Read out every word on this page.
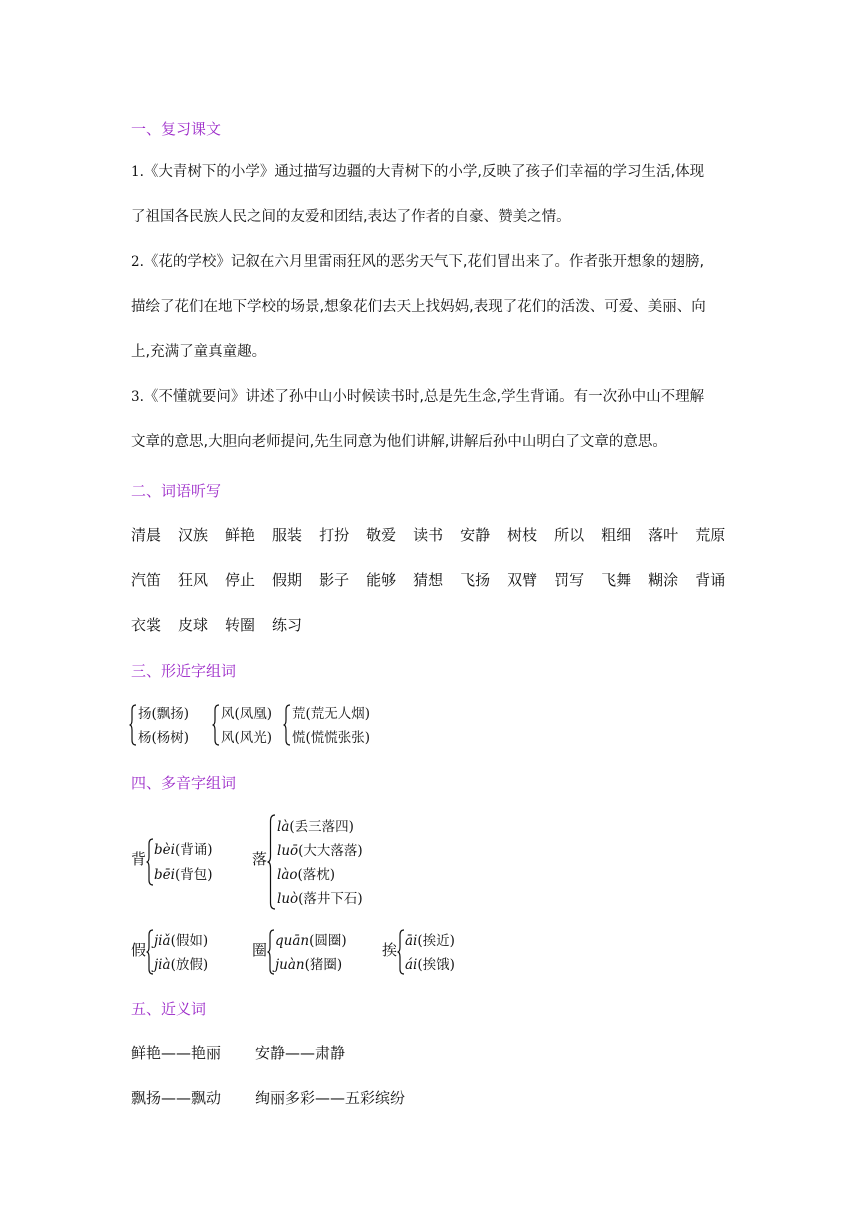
一、复习课文
1.《大青树下的小学》通过描写边疆的大青树下的小学,反映了孩子们幸福的学习生活,体现
了祖国各民族人民之间的友爱和团结,表达了作者的自豪、赞美之情。
2.《花的学校》记叙在六月里雷雨狂风的恶劣天气下,花们冒出来了。作者张开想象的翅膀,
描绘了花们在地下学校的场景,想象花们去天上找妈妈,表现了花们的活泼、可爱、美丽、向
上,充满了童真童趣。
3.《不懂就要问》讲述了孙中山小时候读书时,总是先生念,学生背诵。有一次孙中山不理解
文章的意思,大胆向老师提问,先生同意为他们讲解,讲解后孙中山明白了文章的意思。
二、词语听写
清晨 汉族 鲜艳 服装 打扮 敬爱 读书 安静 树枝 所以 粗细 落叶 荒原
汽笛 狂风 停止 假期 影子 能够 猜想 飞扬 双臂 罚写 飞舞 糊涂 背诵
衣裳 皮球 转圈 练习
三、形近字组词
扬(飘扬)
杨(杨树)
风(凤凰)
风(风光)
荒(荒无人烟)
慌(慌慌张张)
四、多音字组词
背 bèi(背诵)
bēi(背包)
落
là(丢三落四)
luō(大大落落)
lào(落枕)
luò(落井下石)
假 jiǎ(假如)
jià(放假)
圈 quān(圆圈)
juàn(猪圈)
挨 āi(挨近)
ái(挨饿)
五、近义词
鲜艳——艳丽 安静——肃静
飘扬——飘动 绚丽多彩——五彩缤纷
